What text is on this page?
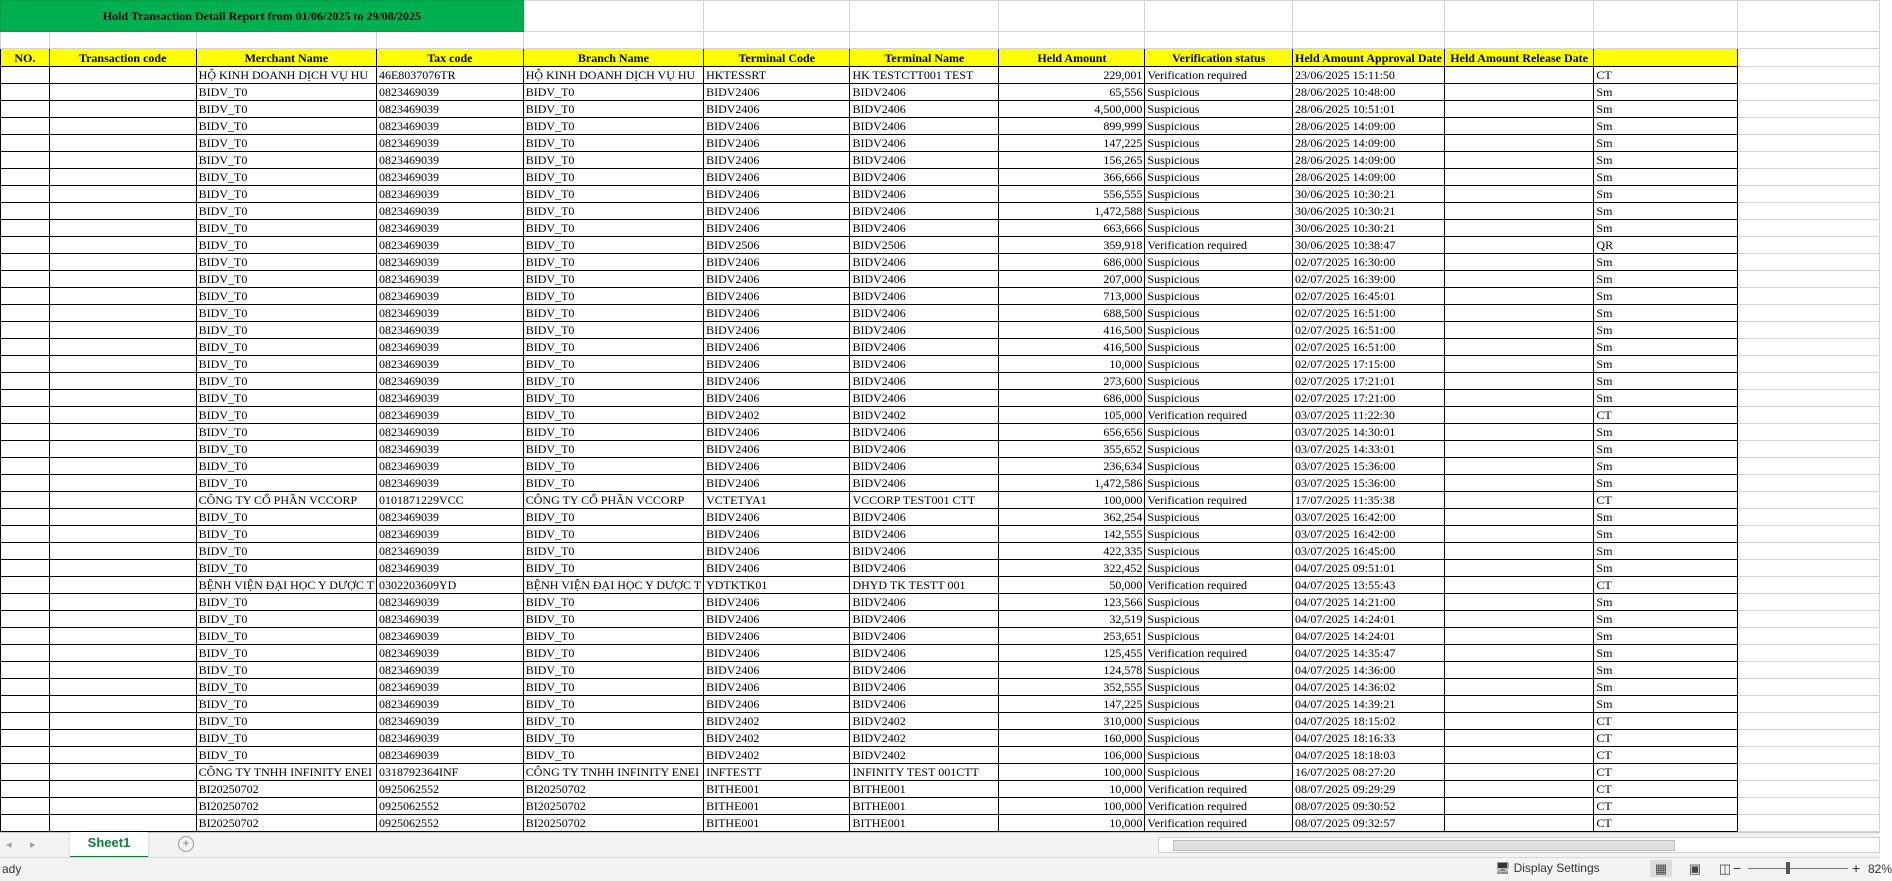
Hold Transaction Detail Report from 01/06/2025 to 29/08/2025												

NO.	Transaction code	Merchant Name	Tax code	Branch Name	Terminal Code	Terminal Name	Held Amount	Verification status	Held Amount Approval Date	Held Amount Release Date		
		HỘ KINH DOANH DỊCH VỤ HU	46E8037076TR	HỘ KINH DOANH DỊCH VỤ HU	HKTESSRT	HK TESTCTT001 TEST	229,001	Verification required	23/06/2025 15:11:50		CT	
		BIDV_T0	0823469039	BIDV_T0	BIDV2406	BIDV2406	65,556	Suspicious	28/06/2025 10:48:00		Sm	
		BIDV_T0	0823469039	BIDV_T0	BIDV2406	BIDV2406	4,500,000	Suspicious	28/06/2025 10:51:01		Sm	
		BIDV_T0	0823469039	BIDV_T0	BIDV2406	BIDV2406	899,999	Suspicious	28/06/2025 14:09:00		Sm	
		BIDV_T0	0823469039	BIDV_T0	BIDV2406	BIDV2406	147,225	Suspicious	28/06/2025 14:09:00		Sm	
		BIDV_T0	0823469039	BIDV_T0	BIDV2406	BIDV2406	156,265	Suspicious	28/06/2025 14:09:00		Sm	
		BIDV_T0	0823469039	BIDV_T0	BIDV2406	BIDV2406	366,666	Suspicious	28/06/2025 14:09:00		Sm	
		BIDV_T0	0823469039	BIDV_T0	BIDV2406	BIDV2406	556,555	Suspicious	30/06/2025 10:30:21		Sm	
		BIDV_T0	0823469039	BIDV_T0	BIDV2406	BIDV2406	1,472,588	Suspicious	30/06/2025 10:30:21		Sm	
		BIDV_T0	0823469039	BIDV_T0	BIDV2406	BIDV2406	663,666	Suspicious	30/06/2025 10:30:21		Sm	
		BIDV_T0	0823469039	BIDV_T0	BIDV2506	BIDV2506	359,918	Verification required	30/06/2025 10:38:47		QR	
		BIDV_T0	0823469039	BIDV_T0	BIDV2406	BIDV2406	686,000	Suspicious	02/07/2025 16:30:00		Sm	
		BIDV_T0	0823469039	BIDV_T0	BIDV2406	BIDV2406	207,000	Suspicious	02/07/2025 16:39:00		Sm	
		BIDV_T0	0823469039	BIDV_T0	BIDV2406	BIDV2406	713,000	Suspicious	02/07/2025 16:45:01		Sm	
		BIDV_T0	0823469039	BIDV_T0	BIDV2406	BIDV2406	688,500	Suspicious	02/07/2025 16:51:00		Sm	
		BIDV_T0	0823469039	BIDV_T0	BIDV2406	BIDV2406	416,500	Suspicious	02/07/2025 16:51:00		Sm	
		BIDV_T0	0823469039	BIDV_T0	BIDV2406	BIDV2406	416,500	Suspicious	02/07/2025 16:51:00		Sm	
		BIDV_T0	0823469039	BIDV_T0	BIDV2406	BIDV2406	10,000	Suspicious	02/07/2025 17:15:00		Sm	
		BIDV_T0	0823469039	BIDV_T0	BIDV2406	BIDV2406	273,600	Suspicious	02/07/2025 17:21:01		Sm	
		BIDV_T0	0823469039	BIDV_T0	BIDV2406	BIDV2406	686,000	Suspicious	02/07/2025 17:21:00		Sm	
		BIDV_T0	0823469039	BIDV_T0	BIDV2402	BIDV2402	105,000	Verification required	03/07/2025 11:22:30		CT	
		BIDV_T0	0823469039	BIDV_T0	BIDV2406	BIDV2406	656,656	Suspicious	03/07/2025 14:30:01		Sm	
		BIDV_T0	0823469039	BIDV_T0	BIDV2406	BIDV2406	355,652	Suspicious	03/07/2025 14:33:01		Sm	
		BIDV_T0	0823469039	BIDV_T0	BIDV2406	BIDV2406	236,634	Suspicious	03/07/2025 15:36:00		Sm	
		BIDV_T0	0823469039	BIDV_T0	BIDV2406	BIDV2406	1,472,586	Suspicious	03/07/2025 15:36:00		Sm	
		CÔNG TY CỔ PHẦN VCCORP	0101871229VCC	CÔNG TY CỔ PHẦN VCCORP	VCTETYA1	VCCORP TEST001 CTT	100,000	Verification required	17/07/2025 11:35:38		CT	
		BIDV_T0	0823469039	BIDV_T0	BIDV2406	BIDV2406	362,254	Suspicious	03/07/2025 16:42:00		Sm	
		BIDV_T0	0823469039	BIDV_T0	BIDV2406	BIDV2406	142,555	Suspicious	03/07/2025 16:42:00		Sm	
		BIDV_T0	0823469039	BIDV_T0	BIDV2406	BIDV2406	422,335	Suspicious	03/07/2025 16:45:00		Sm	
		BIDV_T0	0823469039	BIDV_T0	BIDV2406	BIDV2406	322,452	Suspicious	04/07/2025 09:51:01		Sm	
		BỆNH VIỆN ĐẠI HỌC Y DƯỢC T	0302203609YD	BỆNH VIỆN ĐẠI HỌC Y DƯỢC T	YDTKTK01	DHYD TK TESTT 001	50,000	Verification required	04/07/2025 13:55:43		CT	
		BIDV_T0	0823469039	BIDV_T0	BIDV2406	BIDV2406	123,566	Suspicious	04/07/2025 14:21:00		Sm	
		BIDV_T0	0823469039	BIDV_T0	BIDV2406	BIDV2406	32,519	Suspicious	04/07/2025 14:24:01		Sm	
		BIDV_T0	0823469039	BIDV_T0	BIDV2406	BIDV2406	253,651	Suspicious	04/07/2025 14:24:01		Sm	
		BIDV_T0	0823469039	BIDV_T0	BIDV2406	BIDV2406	125,455	Verification required	04/07/2025 14:35:47		Sm	
		BIDV_T0	0823469039	BIDV_T0	BIDV2406	BIDV2406	124,578	Suspicious	04/07/2025 14:36:00		Sm	
		BIDV_T0	0823469039	BIDV_T0	BIDV2406	BIDV2406	352,555	Suspicious	04/07/2025 14:36:02		Sm	
		BIDV_T0	0823469039	BIDV_T0	BIDV2406	BIDV2406	147,225	Suspicious	04/07/2025 14:39:21		Sm	
		BIDV_T0	0823469039	BIDV_T0	BIDV2402	BIDV2402	310,000	Suspicious	04/07/2025 18:15:02		CT	
		BIDV_T0	0823469039	BIDV_T0	BIDV2402	BIDV2402	160,000	Suspicious	04/07/2025 18:16:33		CT	
		BIDV_T0	0823469039	BIDV_T0	BIDV2402	BIDV2402	106,000	Suspicious	04/07/2025 18:18:03		CT	
		CÔNG TY TNHH INFINITY ENEI	0318792364INF	CÔNG TY TNHH INFINITY ENEI	INFTESTT	INFINITY TEST 001CTT	100,000	Suspicious	16/07/2025 08:27:20		CT	
		BI20250702	0925062552	BI20250702	BITHE001	BITHE001	10,000	Verification required	08/07/2025 09:29:29		CT	
		BI20250702	0925062552	BI20250702	BITHE001	BITHE001	100,000	Verification required	08/07/2025 09:30:52		CT	
		BI20250702	0925062552	BI20250702	BITHE001	BITHE001	10,000	Verification required	08/07/2025 09:32:57		CT	
◂ ▸	Sheet1	+
ady	🖥 Display Settings	▦	▣	◫ −	+ 82%
